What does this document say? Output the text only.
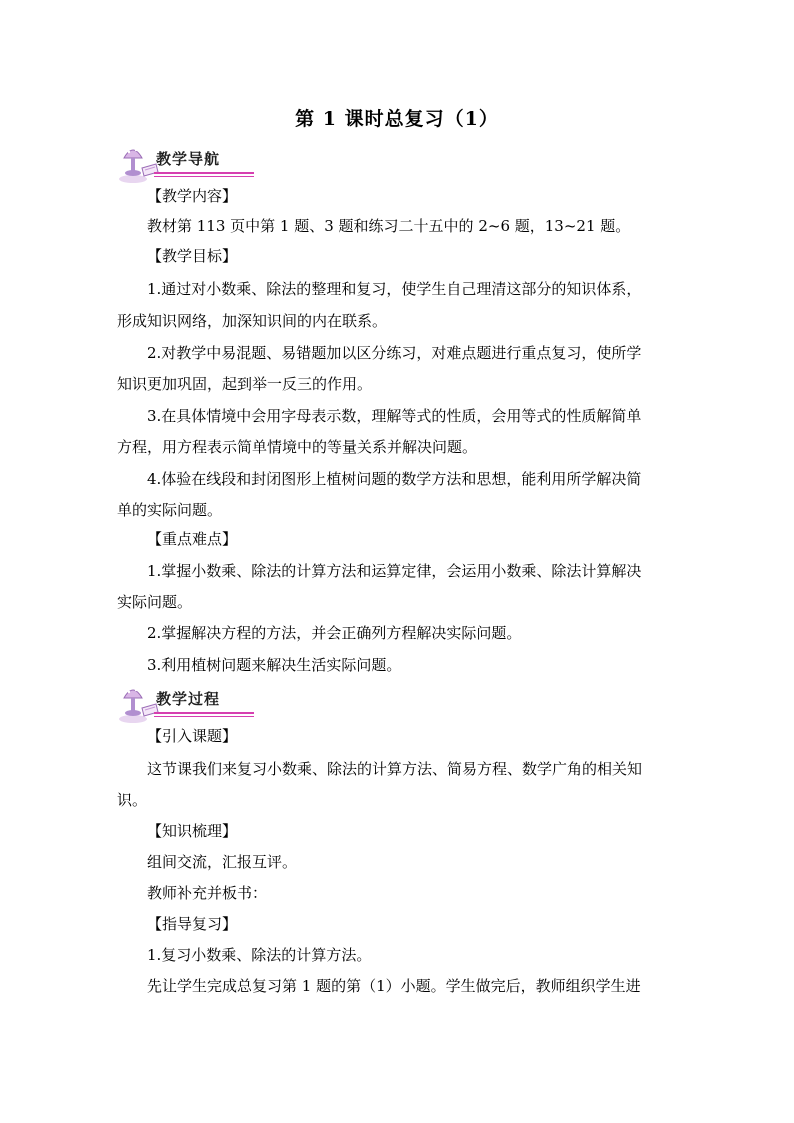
第 1 课时总复习（1）
教学导航
【教学内容】
教材第 113 页中第 1 题、3 题和练习二十五中的 2~6 题，13~21 题。
【教学目标】
1.通过对小数乘、除法的整理和复习，使学生自己理清这部分的知识体系，
形成知识网络，加深知识间的内在联系。
2.对教学中易混题、易错题加以区分练习，对难点题进行重点复习，使所学
知识更加巩固，起到举一反三的作用。
3.在具体情境中会用字母表示数，理解等式的性质，会用等式的性质解简单
方程，用方程表示简单情境中的等量关系并解决问题。
4.体验在线段和封闭图形上植树问题的数学方法和思想，能利用所学解决简
单的实际问题。
【重点难点】
1.掌握小数乘、除法的计算方法和运算定律，会运用小数乘、除法计算解决
实际问题。
2.掌握解决方程的方法，并会正确列方程解决实际问题。
3.利用植树问题来解决生活实际问题。
教学过程
【引入课题】
这节课我们来复习小数乘、除法的计算方法、简易方程、数学广角的相关知
识。
【知识梳理】
组间交流，汇报互评。
教师补充并板书：
【指导复习】
1.复习小数乘、除法的计算方法。
先让学生完成总复习第 1 题的第（1）小题。学生做完后，教师组织学生进
